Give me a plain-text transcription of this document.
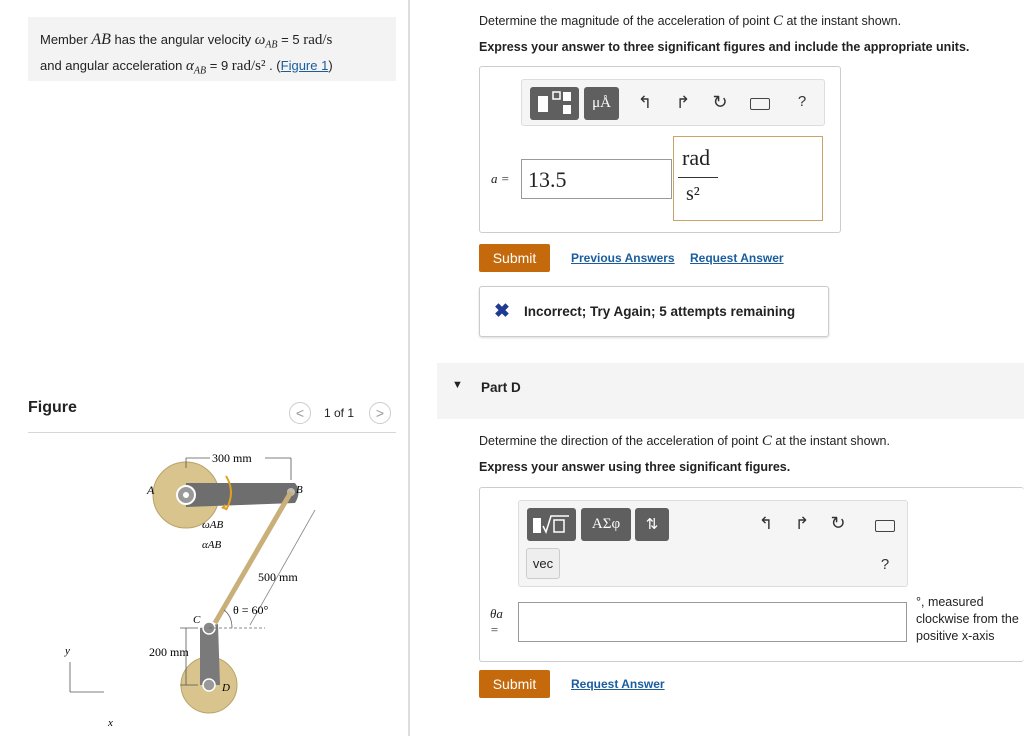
Member AB has the angular velocity $\omega_{AB} = 5$ rad/s
and angular acceleration $\alpha_{AB} = 9$ rad/s² . (Figure 1)
Figure	<	1 of 1	>
300 mm
A	B
ωAB
αAB
500 mm
θ = 60°
C
200 mm
D
y
x
Determine the magnitude of the acceleration of point C at the instant shown.
Express your answer to three significant figures and include the appropriate units.
μÅ	↰ ↱ ↻	?
a = 13.5
rad
s²
Submit	Previous Answers Request Answer
✖ Incorrect; Try Again; 5 attempts remaining
▼ Part D
Determine the direction of the acceleration of point C at the instant shown.
Express your answer using three significant figures.
ΑΣφ	⇅	↰ ↱ ↻
vec	?
θa =
°, measured
clockwise from the
positive x-axis
Submit	Request Answer
